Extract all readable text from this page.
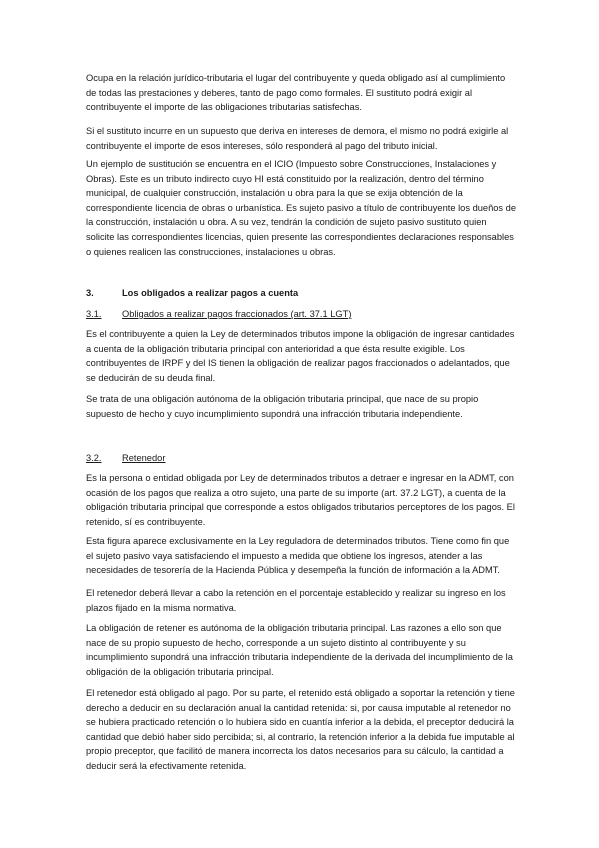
Ocupa en la relación jurídico-tributaria el lugar del contribuyente y queda obligado así al cumplimiento de todas las prestaciones y deberes, tanto de pago como formales. El sustituto podrá exigir al contribuyente el importe de las obligaciones tributarias satisfechas.

Si el sustituto incurre en un supuesto que deriva en intereses de demora, el mismo no podrá exigirle al contribuyente el importe de esos intereses, sólo responderá al pago del tributo inicial.

Un ejemplo de sustitución se encuentra en el ICIO (Impuesto sobre Construcciones, Instalaciones y Obras). Este es un tributo indirecto cuyo HI está constituido por la realización, dentro del término municipal, de cualquier construcción, instalación u obra para la que se exija obtención de la correspondiente licencia de obras o urbanística. Es sujeto pasivo a título de contribuyente los dueños de la construcción, instalación u obra. A su vez, tendrán la condición de sujeto pasivo sustituto quien solicite las correspondientes licencias, quien presente las correspondientes declaraciones responsables o quienes realicen las construcciones, instalaciones u obras.

3.	Los obligados a realizar pagos a cuenta
3.1. Obligados a realizar pagos fraccionados (art. 37.1 LGT)

Es el contribuyente a quien la Ley de determinados tributos impone la obligación de ingresar cantidades a cuenta de la obligación tributaria principal con anterioridad a que ésta resulte exigible. Los contribuyentes de IRPF y del IS tienen la obligación de realizar pagos fraccionados o adelantados, que se deducirán de su deuda final.

Se trata de una obligación autónoma de la obligación tributaria principal, que nace de su propio supuesto de hecho y cuyo incumplimiento supondrá una infracción tributaria independiente.

3.2. Retenedor

Es la persona o entidad obligada por Ley de determinados tributos a detraer e ingresar en la ADMT, con ocasión de los pagos que realiza a otro sujeto, una parte de su importe (art. 37.2 LGT), a cuenta de la obligación tributaria principal que corresponde a estos obligados tributarios perceptores de los pagos. El retenido, sí es contribuyente.

Esta figura aparece exclusivamente en la Ley reguladora de determinados tributos. Tiene como fin que el sujeto pasivo vaya satisfaciendo el impuesto a medida que obtiene los ingresos, atender a las necesidades de tesorería de la Hacienda Pública y desempeña la función de información a la ADMT.

El retenedor deberá llevar a cabo la retención en el porcentaje establecido y realizar su ingreso en los plazos fijado en la misma normativa.

La obligación de retener es autónoma de la obligación tributaria principal. Las razones a ello son que nace de su propio supuesto de hecho, corresponde a un sujeto distinto al contribuyente y su incumplimiento supondrá una infracción tributaria independiente de la derivada del incumplimiento de la obligación de la obligación tributaria principal.

El retenedor está obligado al pago. Por su parte, el retenido está obligado a soportar la retención y tiene derecho a deducir en su declaración anual la cantidad retenida: si, por causa imputable al retenedor no se hubiera practicado retención o lo hubiera sido en cuantía inferior a la debida, el preceptor deducirá la cantidad que debió haber sido percibida; si, al contrario, la retención inferior a la debida fue imputable al propio preceptor, que facilitó de manera incorrecta los datos necesarios para su cálculo, la cantidad a deducir será la efectivamente retenida.
